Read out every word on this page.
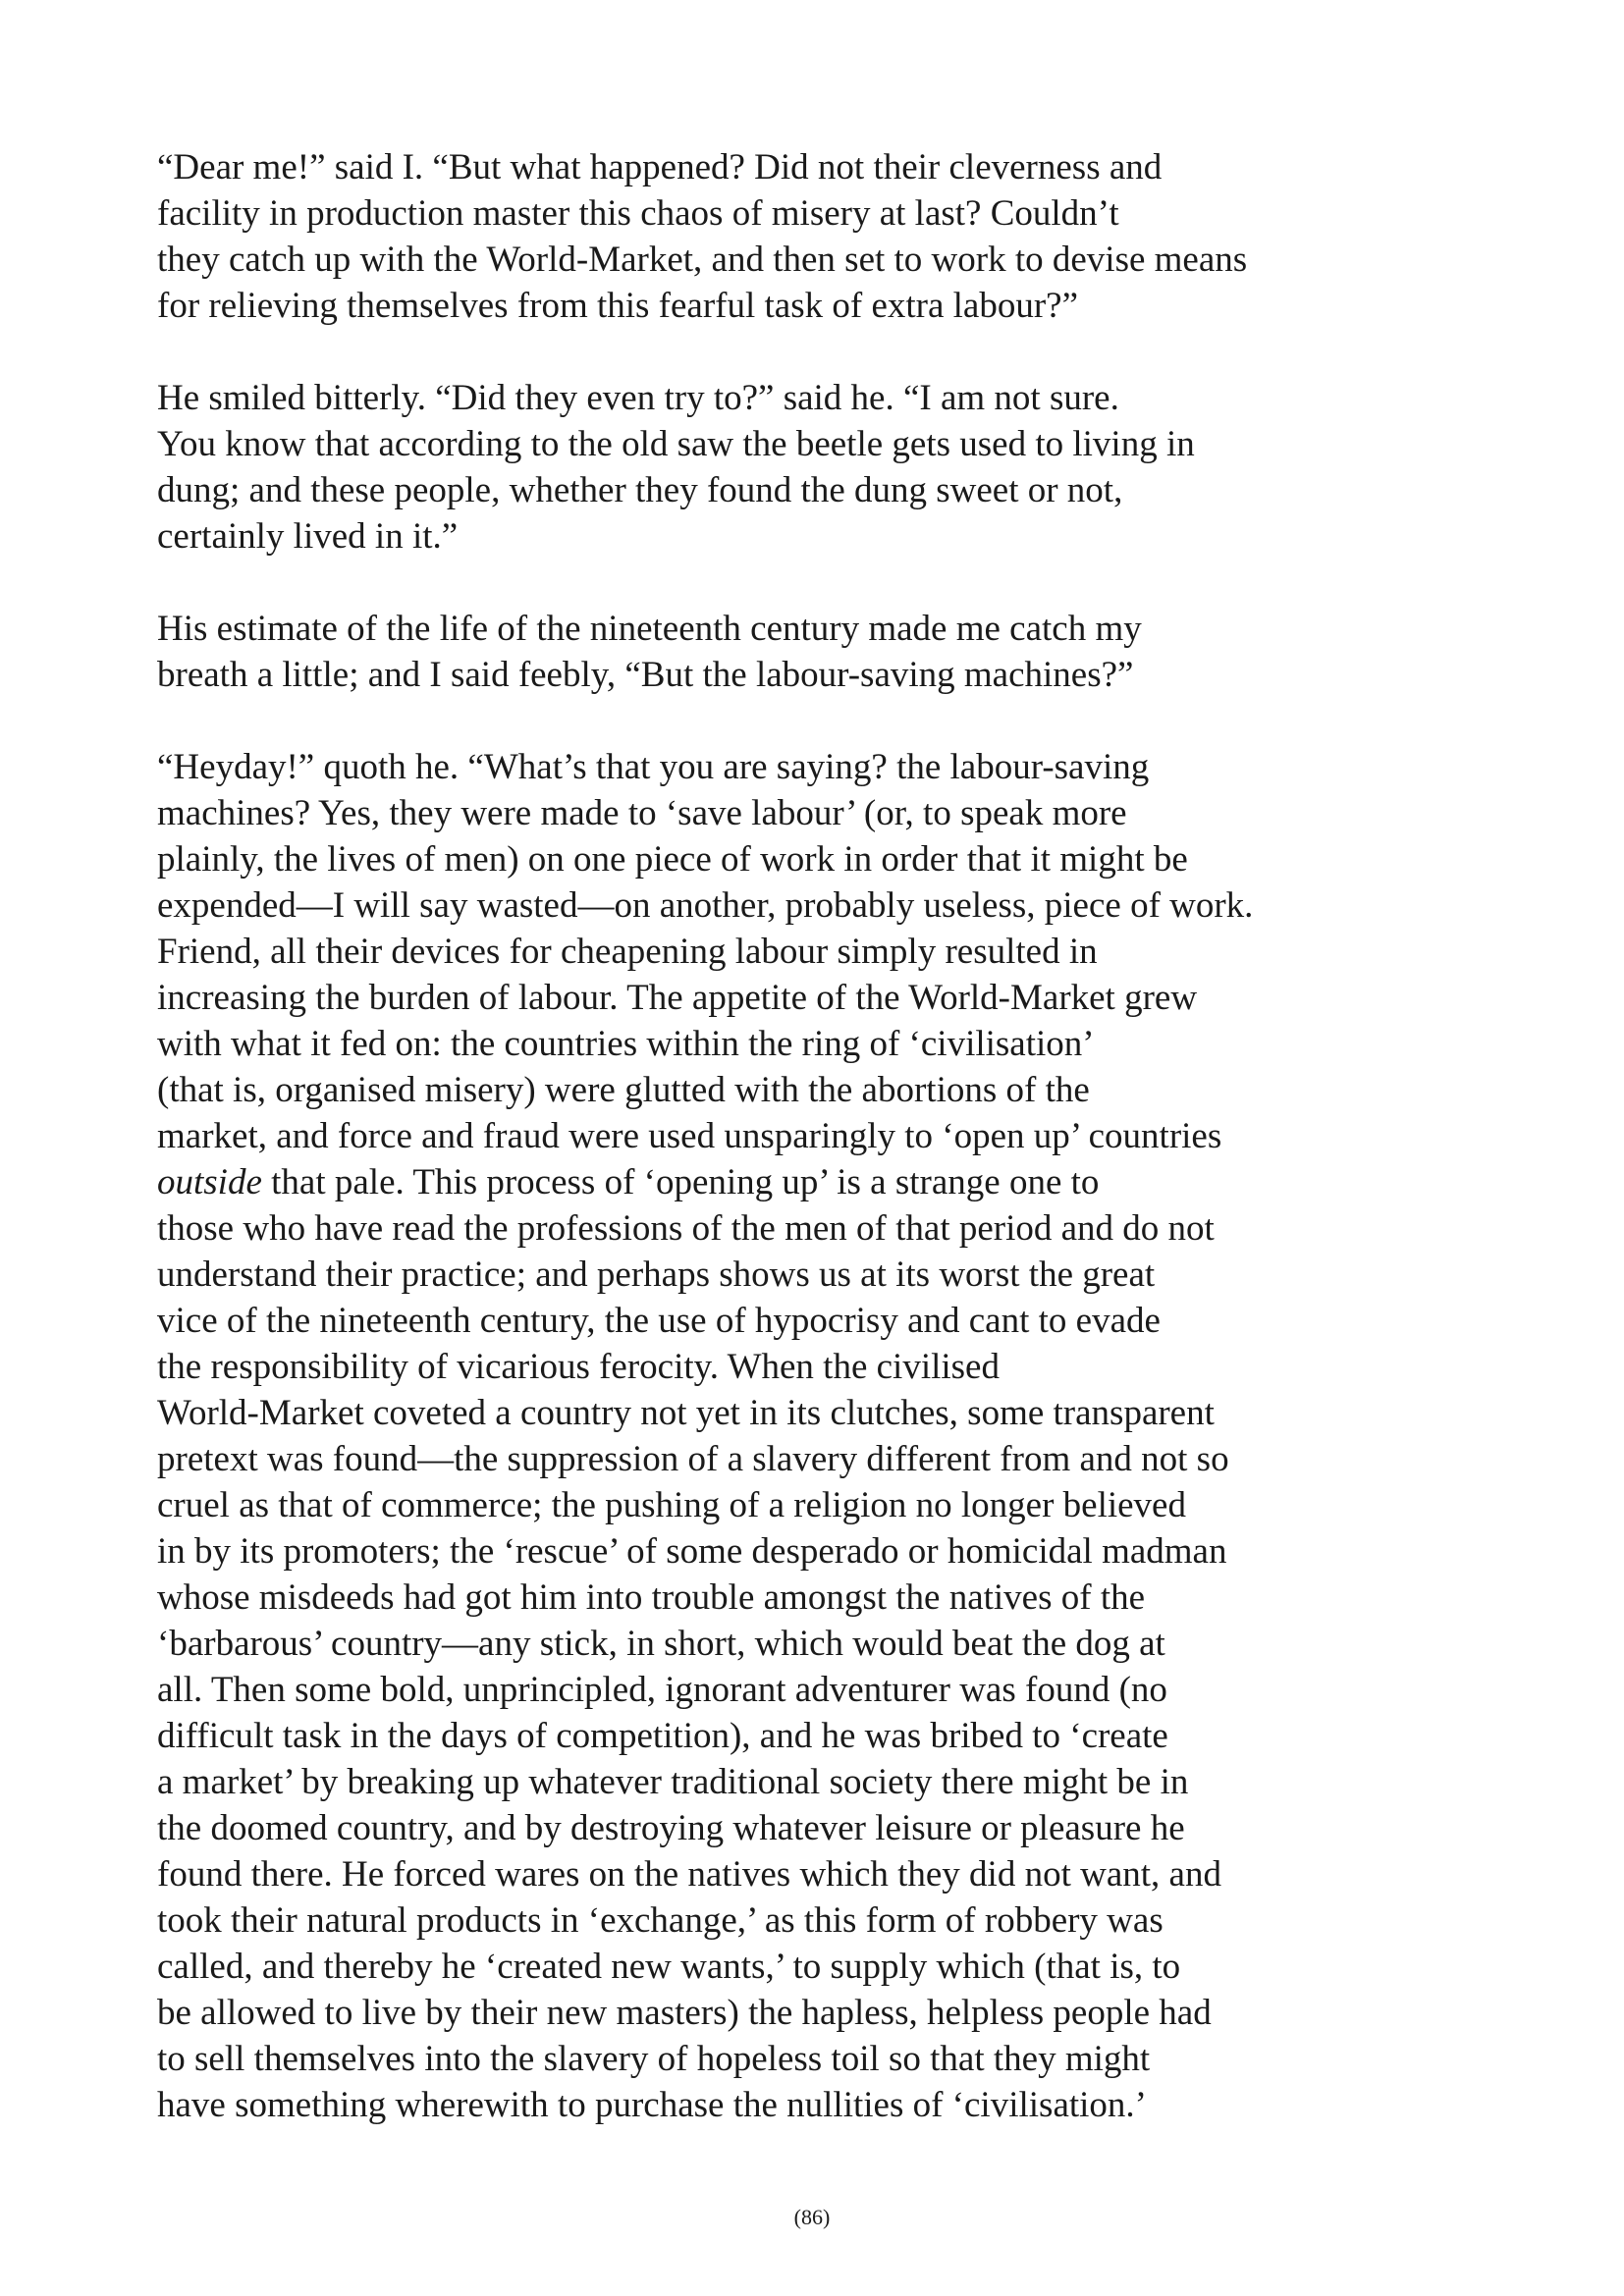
“Dear me!” said I. “But what happened? Did not their cleverness and
facility in production master this chaos of misery at last? Couldn’t
they catch up with the World-Market, and then set to work to devise means
for relieving themselves from this fearful task of extra labour?”

He smiled bitterly. “Did they even try to?” said he. “I am not sure.
You know that according to the old saw the beetle gets used to living in
dung; and these people, whether they found the dung sweet or not,
certainly lived in it.”

His estimate of the life of the nineteenth century made me catch my
breath a little; and I said feebly, “But the labour-saving machines?”

“Heyday!” quoth he. “What’s that you are saying? the labour-saving
machines? Yes, they were made to ‘save labour’ (or, to speak more
plainly, the lives of men) on one piece of work in order that it might be
expended—I will say wasted—on another, probably useless, piece of work.
Friend, all their devices for cheapening labour simply resulted in
increasing the burden of labour. The appetite of the World-Market grew
with what it fed on: the countries within the ring of ‘civilisation’
(that is, organised misery) were glutted with the abortions of the
market, and force and fraud were used unsparingly to ‘open up’ countries
outside that pale. This process of ‘opening up’ is a strange one to
those who have read the professions of the men of that period and do not
understand their practice; and perhaps shows us at its worst the great
vice of the nineteenth century, the use of hypocrisy and cant to evade
the responsibility of vicarious ferocity. When the civilised
World-Market coveted a country not yet in its clutches, some transparent
pretext was found—the suppression of a slavery different from and not so
cruel as that of commerce; the pushing of a religion no longer believed
in by its promoters; the ‘rescue’ of some desperado or homicidal madman
whose misdeeds had got him into trouble amongst the natives of the
‘barbarous’ country—any stick, in short, which would beat the dog at
all. Then some bold, unprincipled, ignorant adventurer was found (no
difficult task in the days of competition), and he was bribed to ‘create
a market’ by breaking up whatever traditional society there might be in
the doomed country, and by destroying whatever leisure or pleasure he
found there. He forced wares on the natives which they did not want, and
took their natural products in ‘exchange,’ as this form of robbery was
called, and thereby he ‘created new wants,’ to supply which (that is, to
be allowed to live by their new masters) the hapless, helpless people had
to sell themselves into the slavery of hopeless toil so that they might
have something wherewith to purchase the nullities of ‘civilisation.’

(86)
